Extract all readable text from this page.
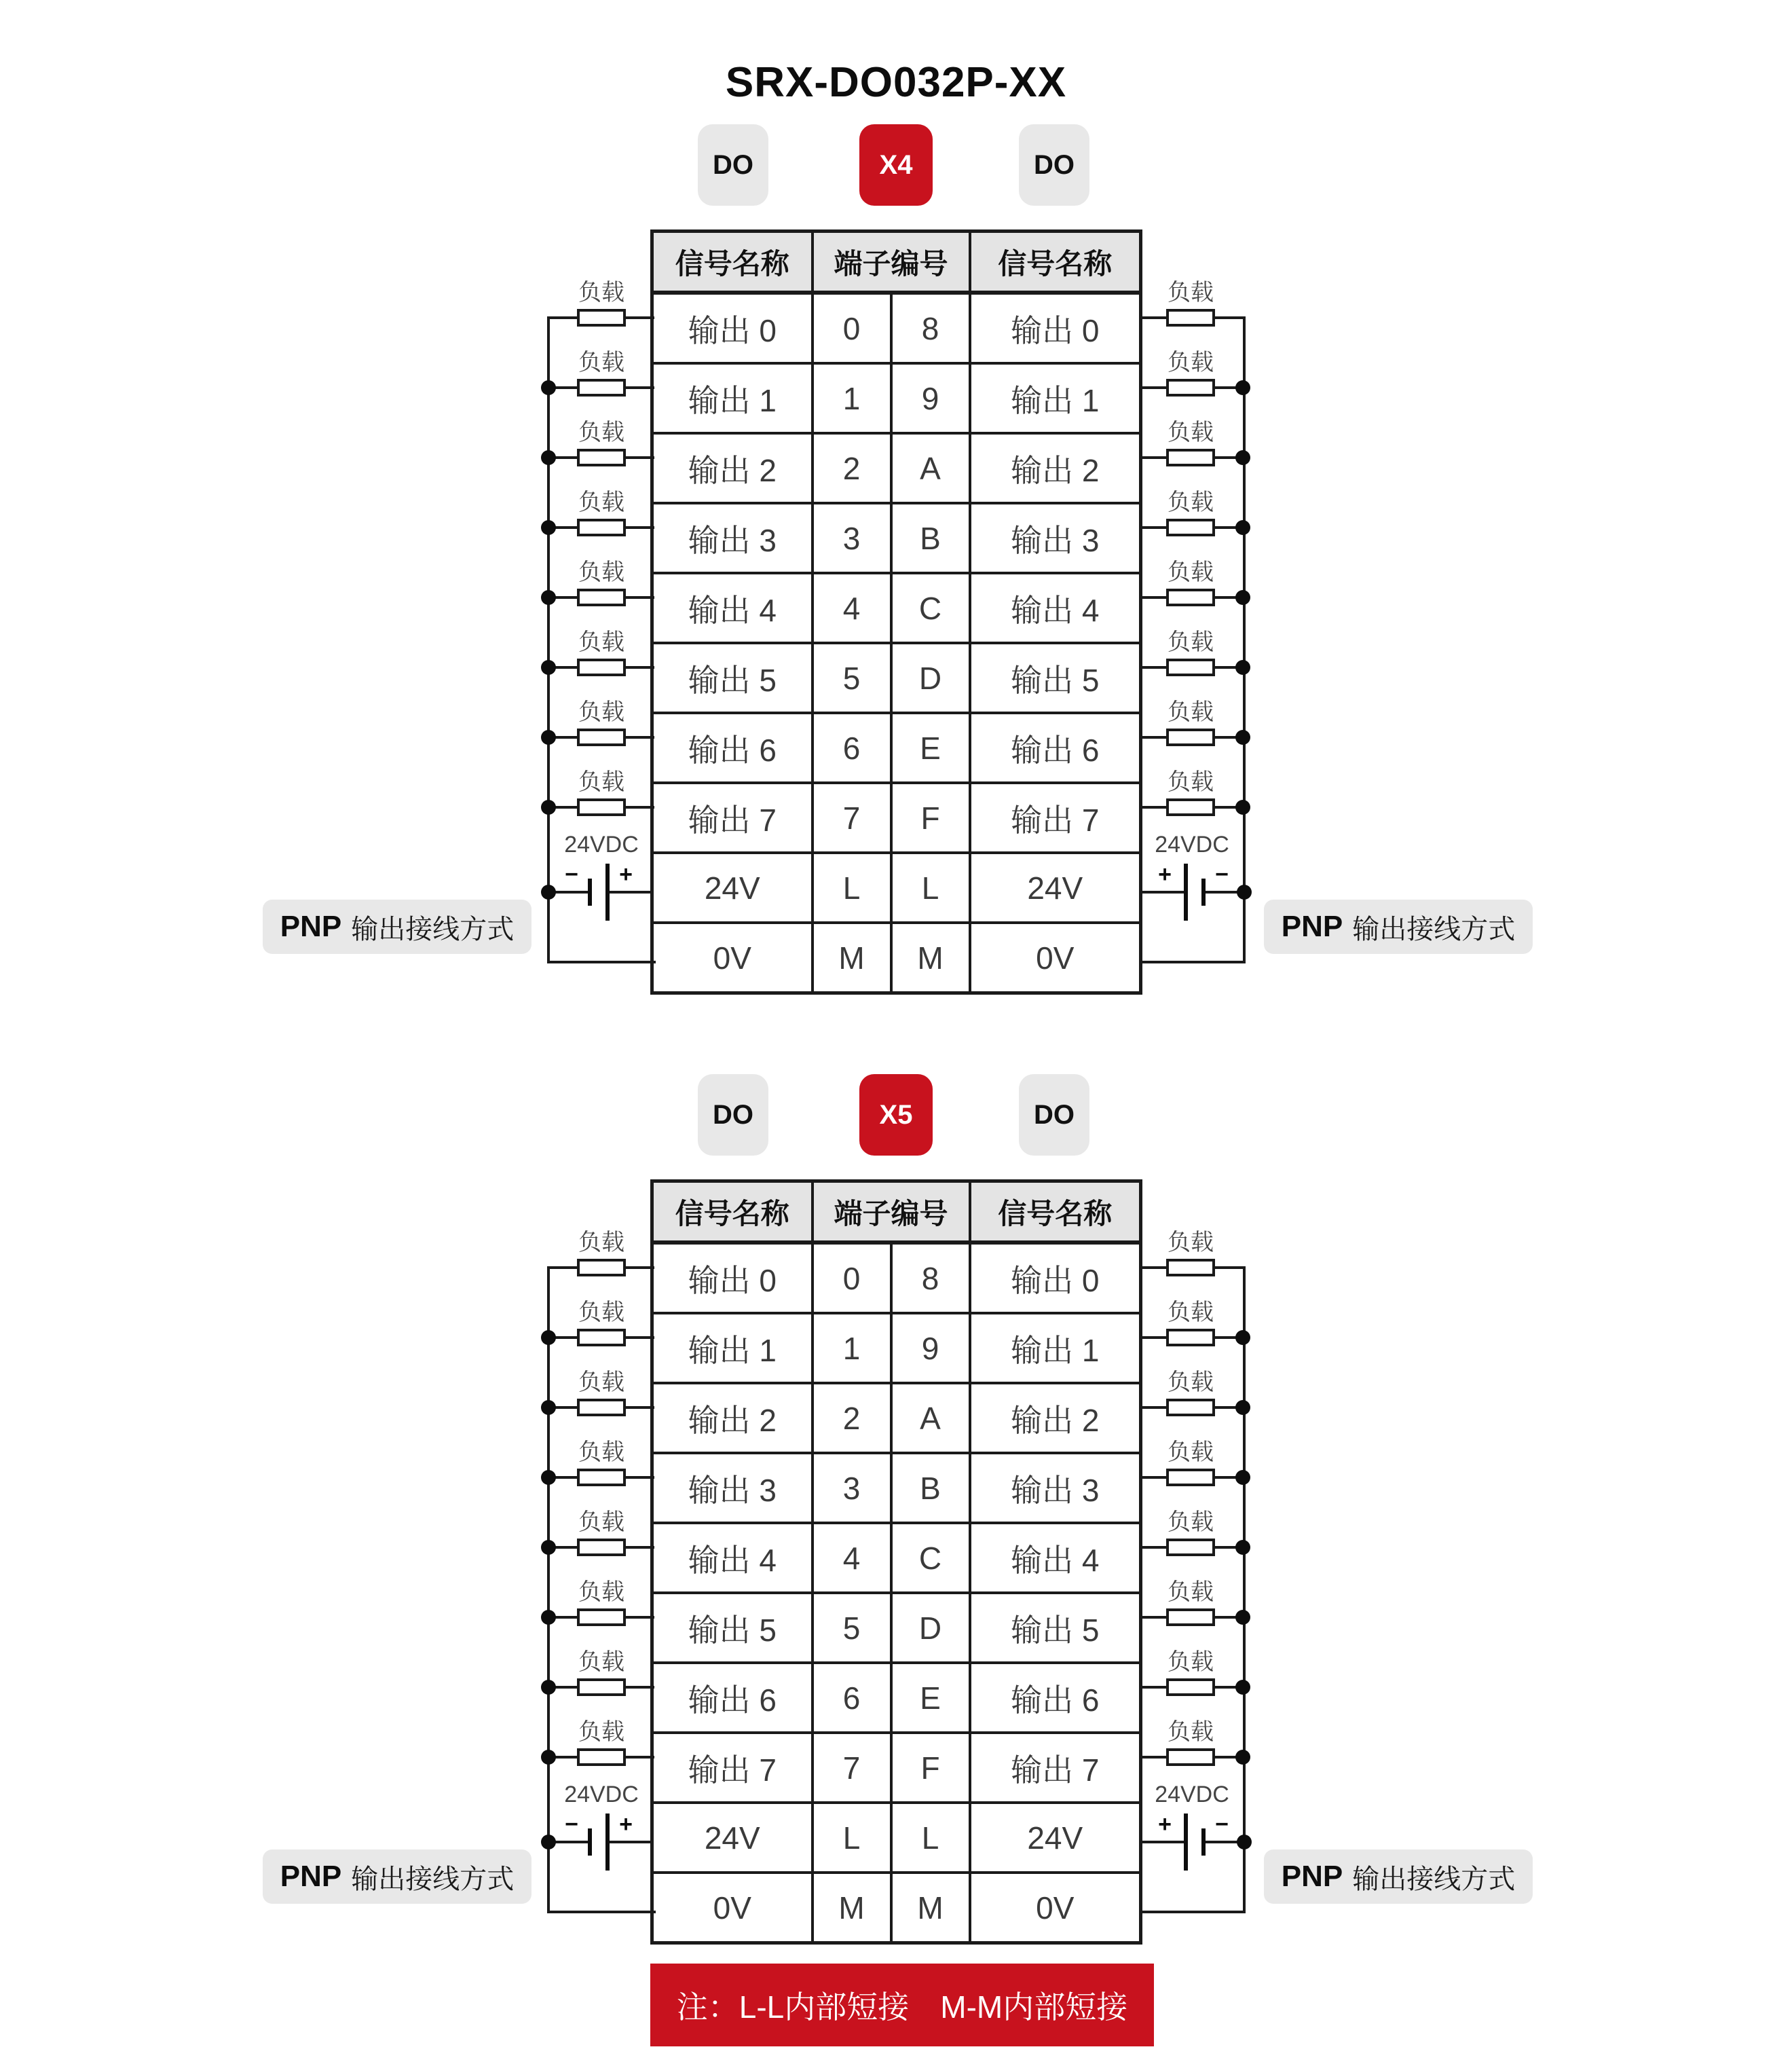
SRX-DO032P-XX
注：L-L内部短接　M-M内部短接
DO	X4	DO
信号名称	端子编号		信号名称
输出 0	0	8	输出 0
输出 1	1	9	输出 1
输出 2	2	A	输出 2
输出 3	3	B	输出 3
输出 4	4	C	输出 4
输出 5	5	D	输出 5
输出 6	6	E	输出 6
输出 7	7	F	输出 7
24V	L	L	24V
0V	M	M	0V
− +
24VDC
+ −
24VDC
负载	负载
负载	负载
负载	负载
负载	负载
负载	负载
负载	负载
负载	负载
负载	负载
PNP 输出接线方式	PNP 输出接线方式
DO	X5	DO
信号名称	端子编号		信号名称
输出 0	0	8	输出 0
输出 1	1	9	输出 1
输出 2	2	A	输出 2
输出 3	3	B	输出 3
输出 4	4	C	输出 4
输出 5	5	D	输出 5
输出 6	6	E	输出 6
输出 7	7	F	输出 7
24V	L	L	24V
0V	M	M	0V
− +
24VDC
+ −
24VDC
负载	负载
负载	负载
负载	负载
负载	负载
负载	负载
负载	负载
负载	负载
负载	负载
PNP 输出接线方式	PNP 输出接线方式
